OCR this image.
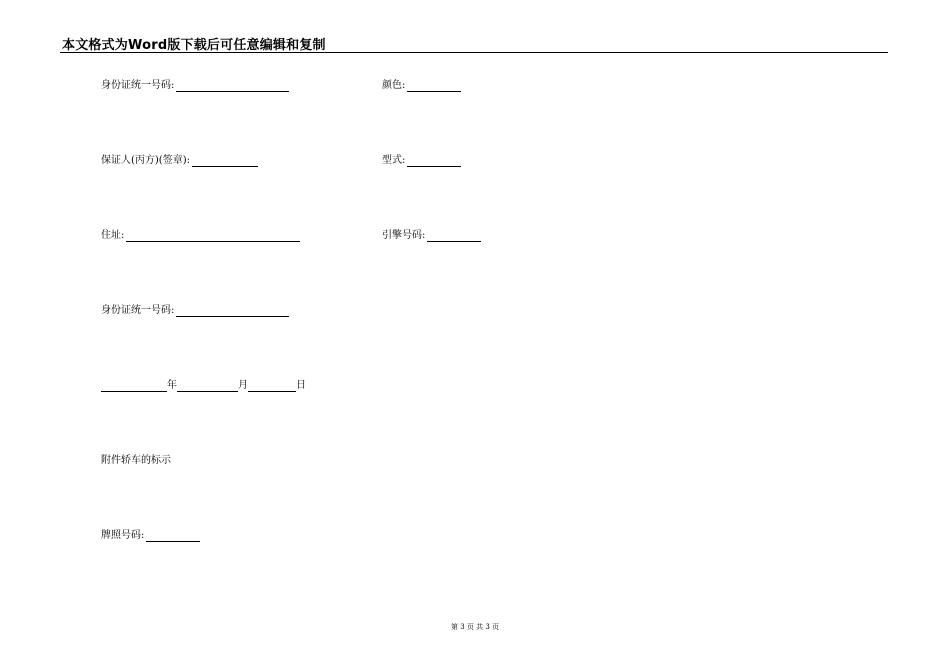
本文格式为Word版下载后可任意编辑和复制
身份证统一号码:	颜色:
保证人(丙方)(签章):	型式:
住址:	引擎号码:
身份证统一号码:
年	月	日
附件轿车的标示
牌照号码:
第 3 页 共 3 页
